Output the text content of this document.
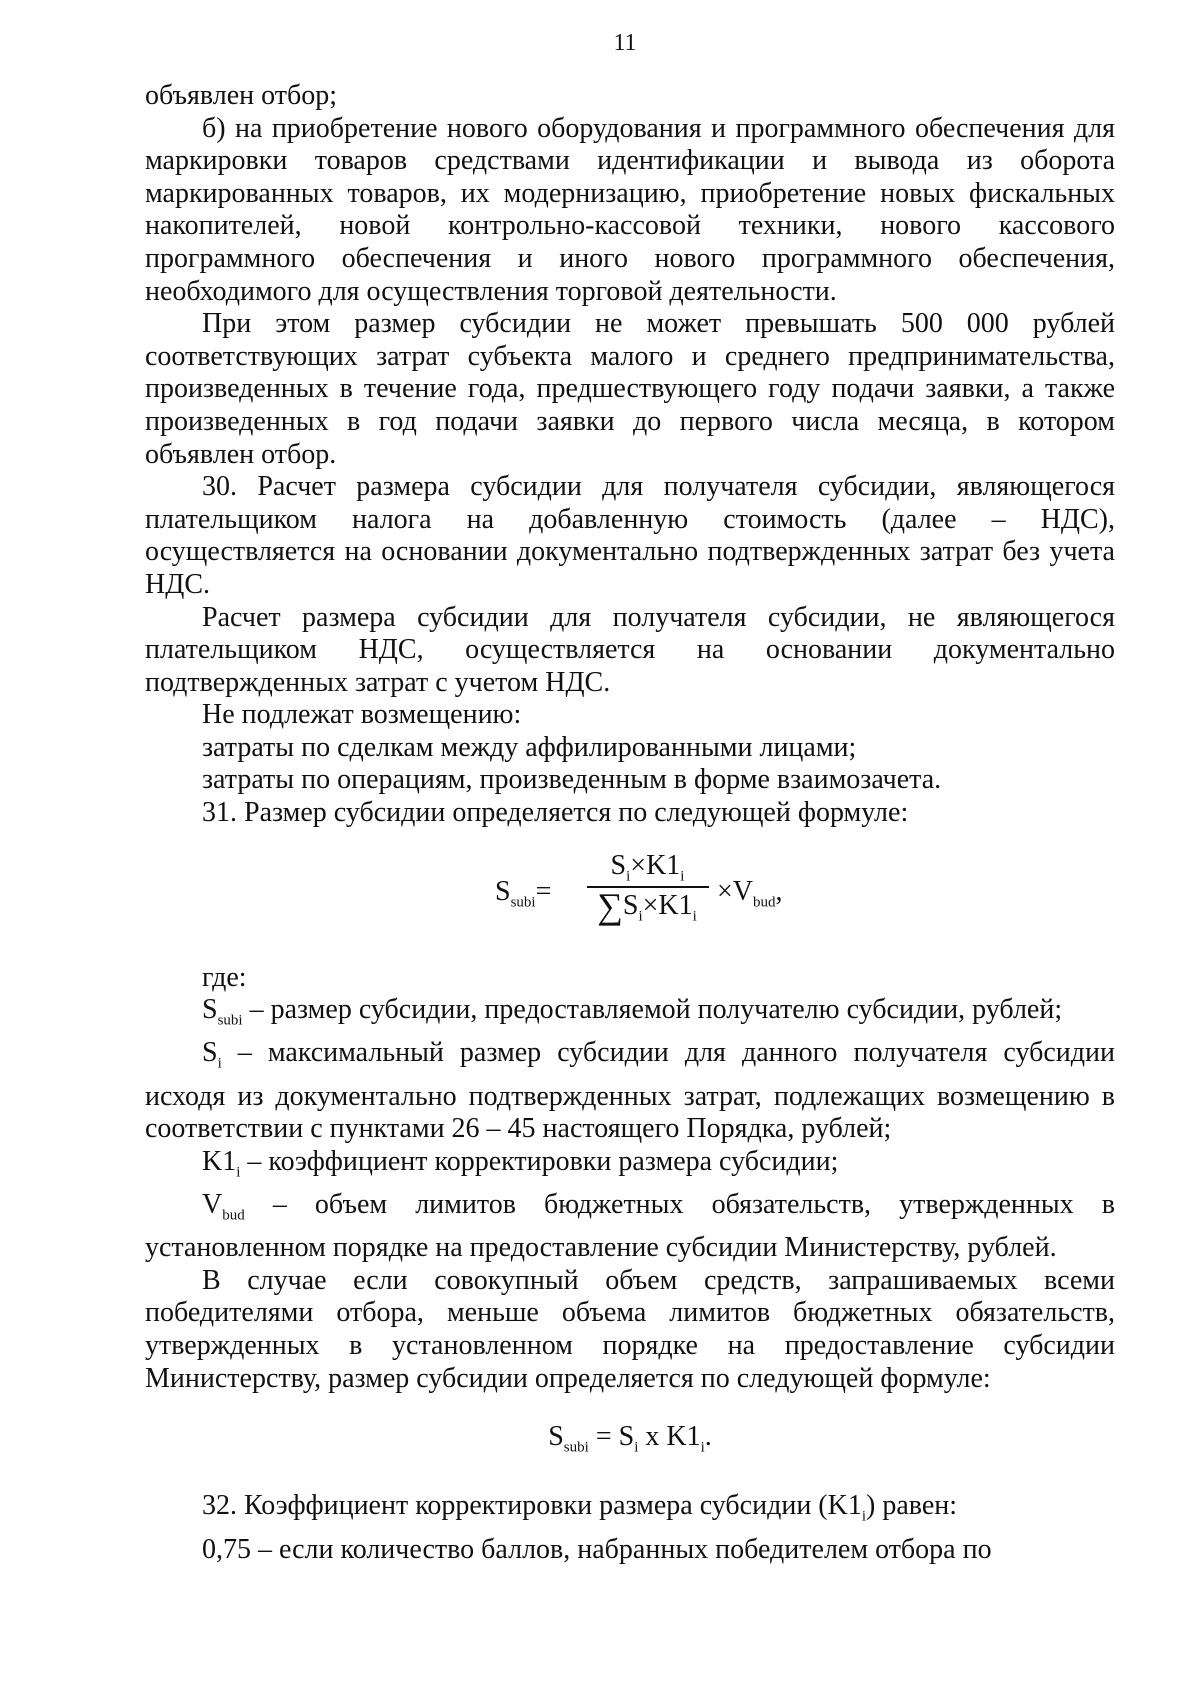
11

объявлен отбор;

б) на приобретение нового оборудования и программного обеспечения для маркировки товаров средствами идентификации и вывода из оборота маркированных товаров, их модернизацию, приобретение новых фискальных накопителей, новой контрольно-кассовой техники, нового кассового программного обеспечения и иного нового программного обеспечения, необходимого для осуществления торговой деятельности.

При этом размер субсидии не может превышать 500 000 рублей соответствующих затрат субъекта малого и среднего предпринимательства, произведенных в течение года, предшествующего году подачи заявки, а также произведенных в год подачи заявки до первого числа месяца, в котором объявлен отбор.

30. Расчет размера субсидии для получателя субсидии, являющегося плательщиком налога на добавленную стоимость (далее – НДС), осуществляется на основании документально подтвержденных затрат без учета НДС.

Расчет размера субсидии для получателя субсидии, не являющегося плательщиком НДС, осуществляется на основании документально подтвержденных затрат с учетом НДС.

Не подлежат возмещению:

затраты по сделкам между аффилированными лицами;

затраты по операциям, произведенным в форме взаимозачета.

31. Размер субсидии определяется по следующей формуле:

$S_{subi}=$
$S_i\times K1_i$
$\sum S_i\times K1_i$
$\times V_{bud}$,

где:

$S_{subi}$ – размер субсидии, предоставляемой получателю субсидии, рублей;

$S_i$ – максимальный размер субсидии для данного получателя субсидии исходя из документально подтвержденных затрат, подлежащих возмещению в соответствии с пунктами 26 – 45 настоящего Порядка, рублей;

$K1_i$ – коэффициент корректировки размера субсидии;

$V_{bud}$ – объем лимитов бюджетных обязательств, утвержденных в установленном порядке на предоставление субсидии Министерству, рублей.

В случае если совокупный объем средств, запрашиваемых всеми победителями отбора, меньше объема лимитов бюджетных обязательств, утвержденных в установленном порядке на предоставление субсидии Министерству, размер субсидии определяется по следующей формуле:

$S_{subi} = S_i$ x $K1_i$.

32. Коэффициент корректировки размера субсидии $(K1_i)$ равен:

0,75 – если количество баллов, набранных победителем отбора по
